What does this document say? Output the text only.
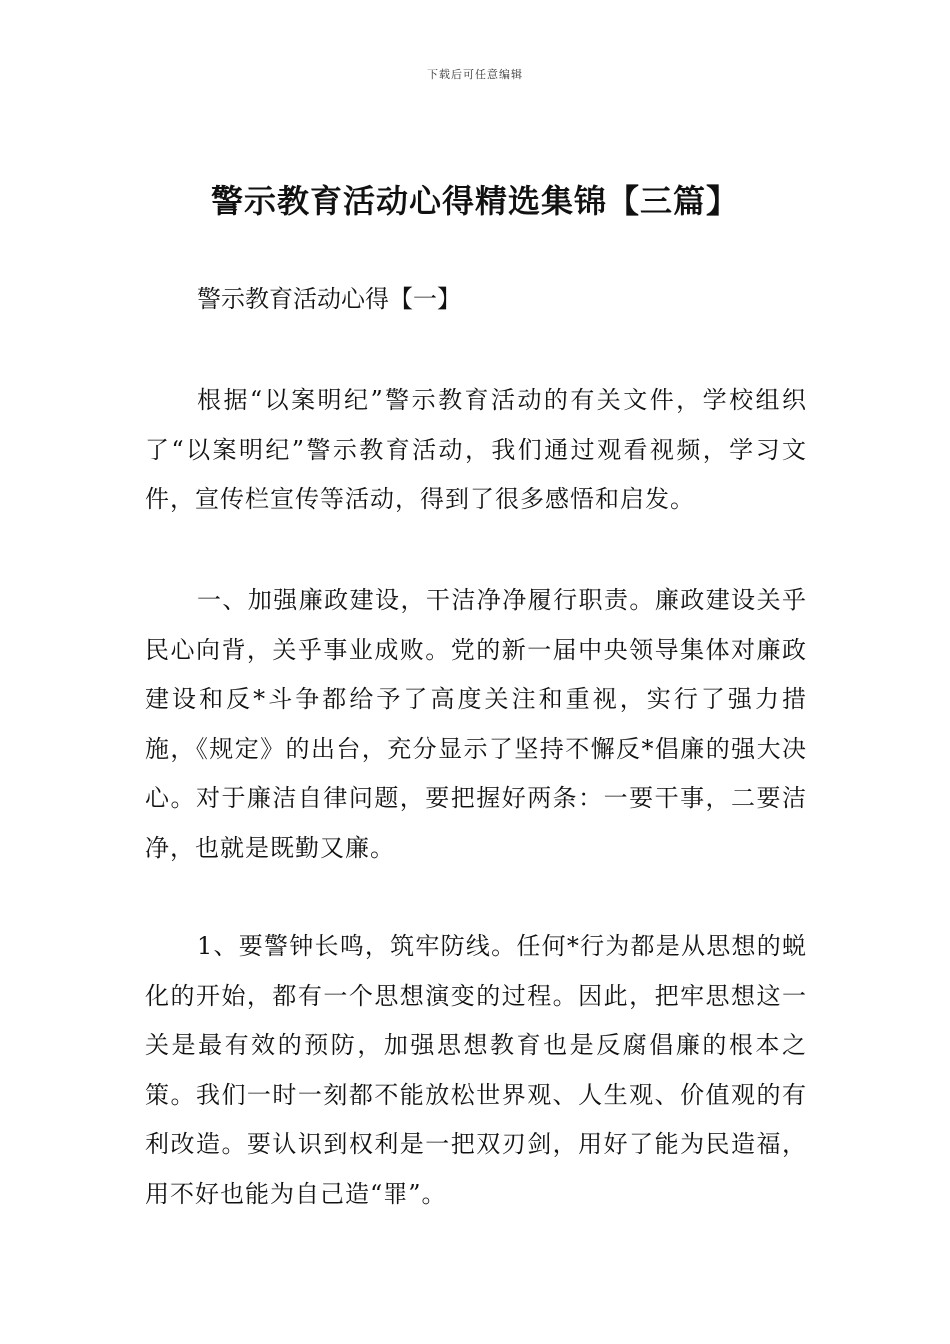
下载后可任意编辑
警示教育活动心得精选集锦【三篇】
警示教育活动心得【一】

根据“以案明纪”警示教育活动的有关文件，学校组织了“以案明纪”警示教育活动，我们通过观看视频，学习文件，宣传栏宣传等活动，得到了很多感悟和启发。

一、加强廉政建设，干洁净净履行职责。廉政建设关乎民心向背，关乎事业成败。党的新一届中央领导集体对廉政建设和反*斗争都给予了高度关注和重视，实行了强力措施，《规定》的出台，充分显示了坚持不懈反*倡廉的强大决心。对于廉洁自律问题，要把握好两条：一要干事，二要洁净，也就是既勤又廉。

1、要警钟长鸣，筑牢防线。任何*行为都是从思想的蜕化的开始，都有一个思想演变的过程。因此，把牢思想这一关是最有效的预防，加强思想教育也是反腐倡廉的根本之策。我们一时一刻都不能放松世界观、人生观、价值观的有利改造。要认识到权利是一把双刃剑，用好了能为民造福，用不好也能为自己造“罪”。
